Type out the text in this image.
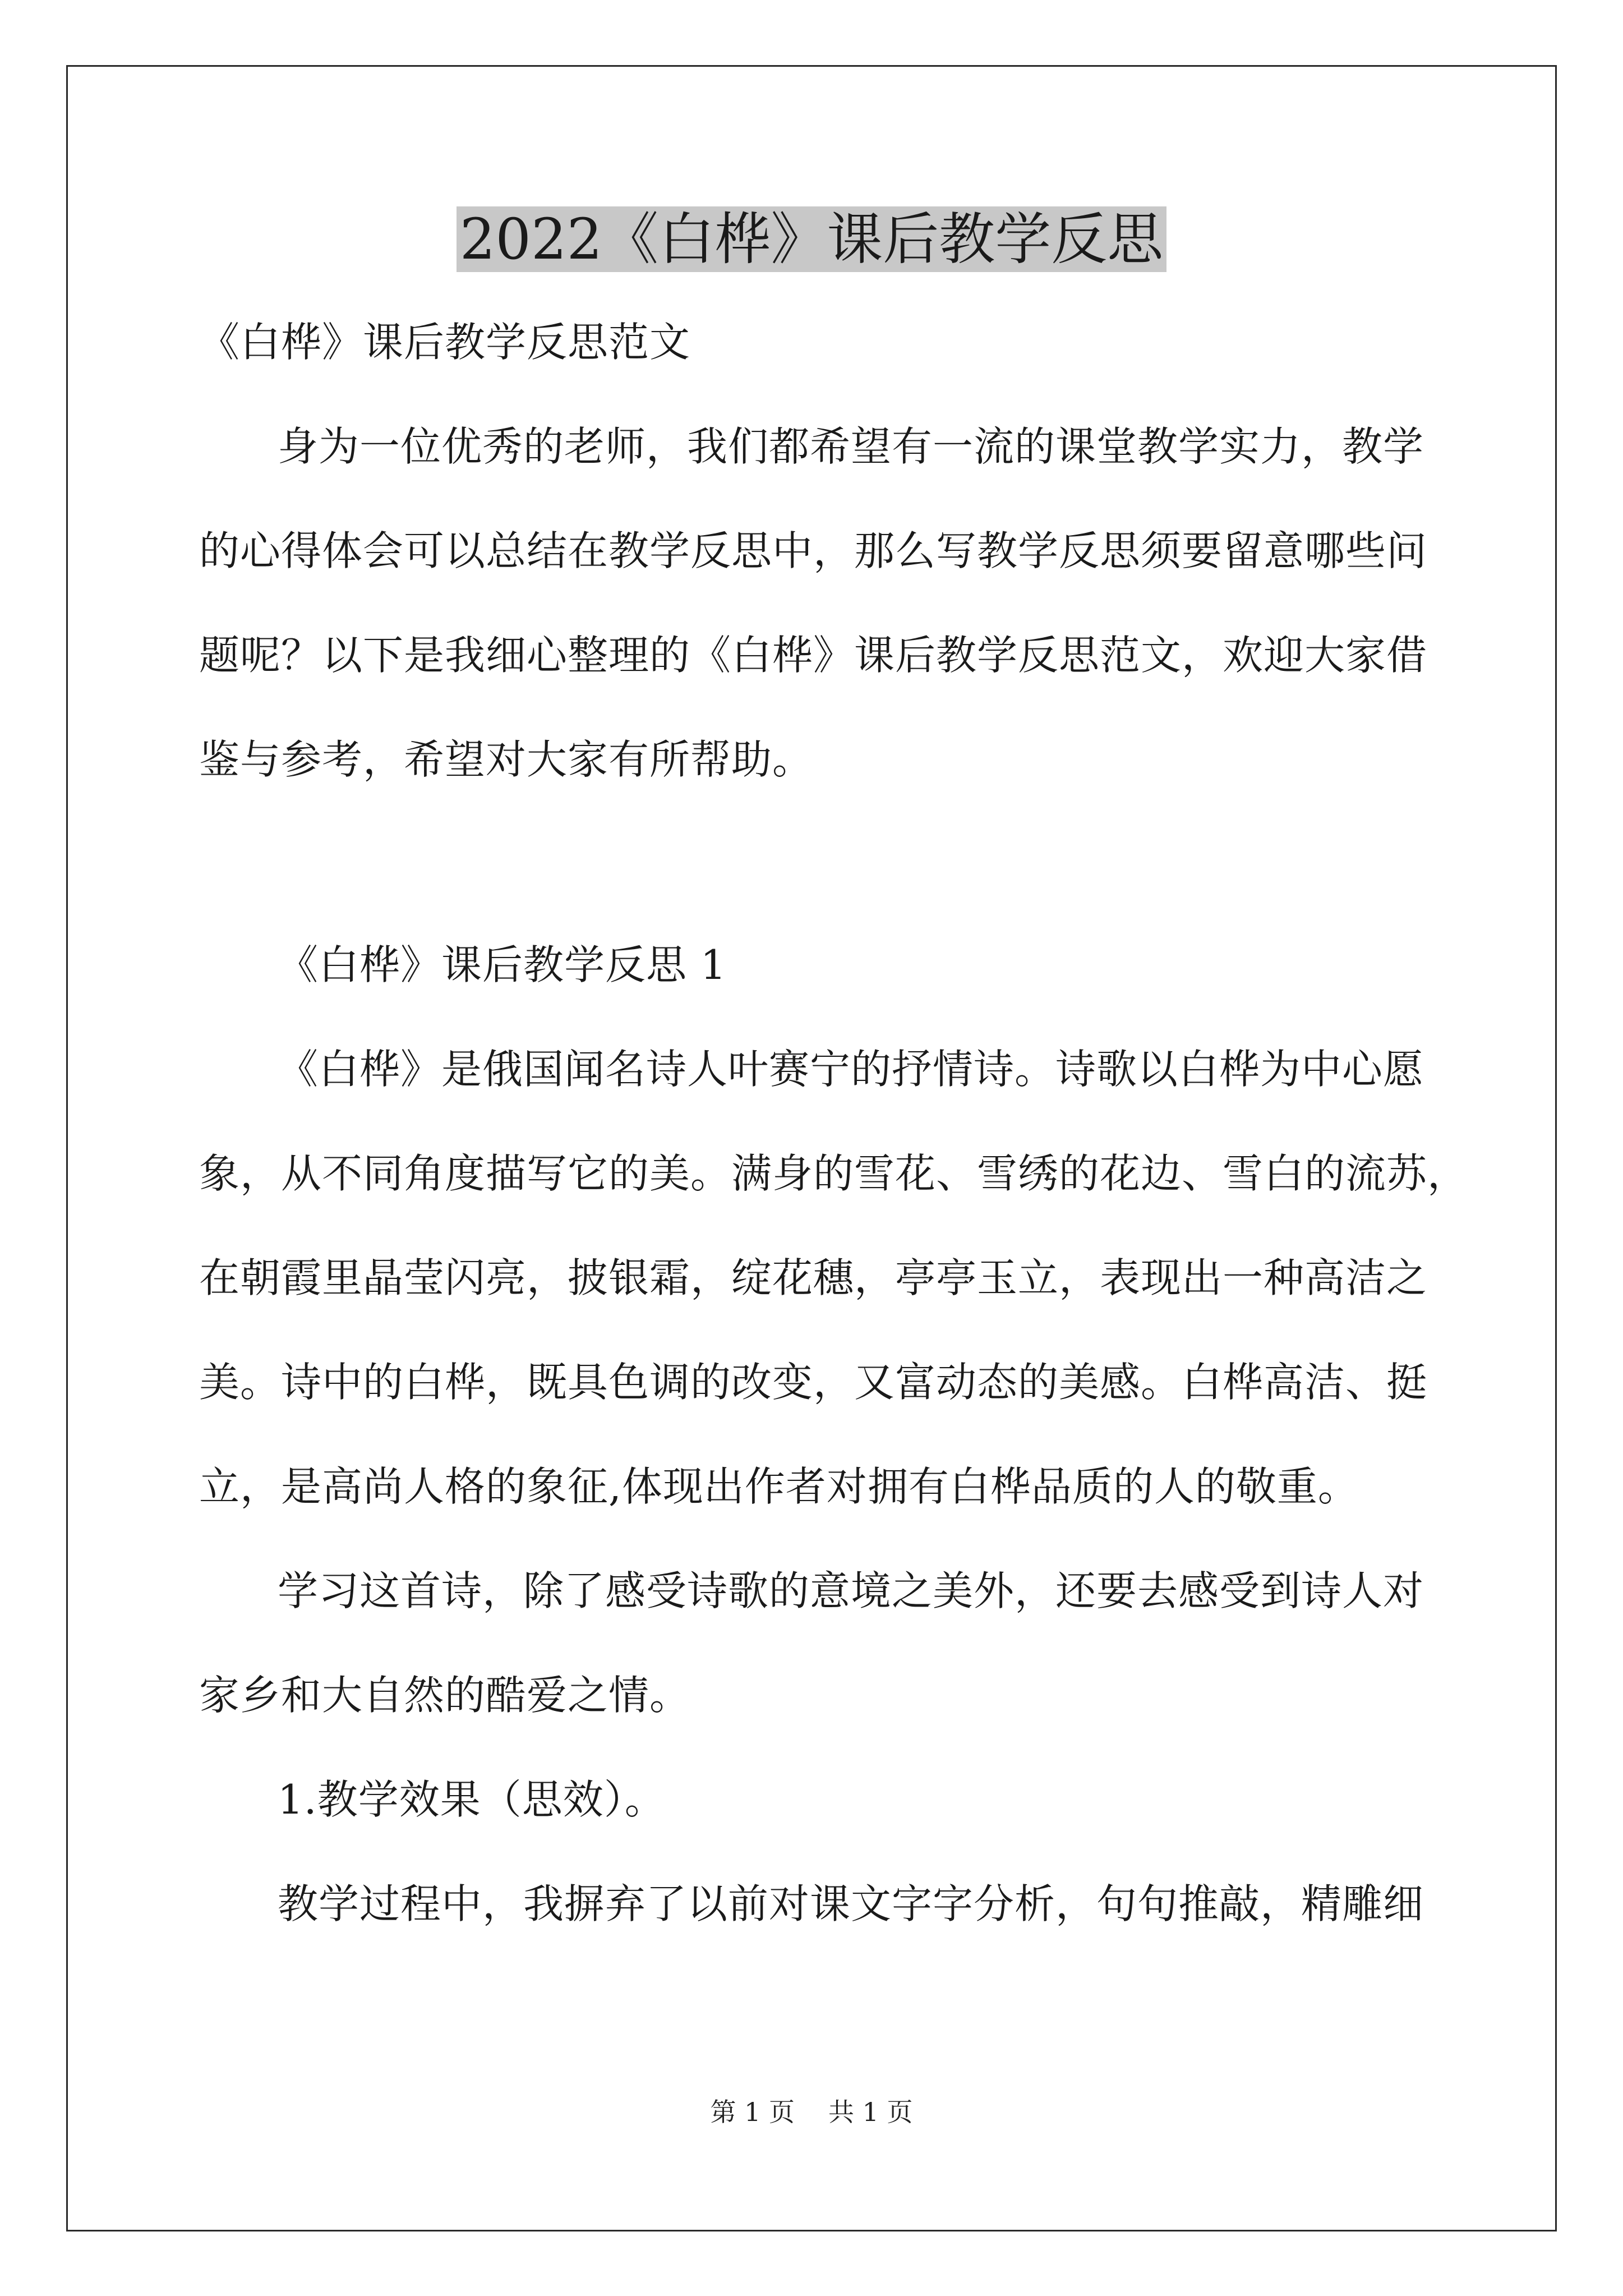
2022《白桦》课后教学反思
《白桦》课后教学反思范文
身为一位优秀的老师，我们都希望有一流的课堂教学实力，教学
的心得体会可以总结在教学反思中，那么写教学反思须要留意哪些问
题呢？以下是我细心整理的《白桦》课后教学反思范文，欢迎大家借
鉴与参考，希望对大家有所帮助。
《白桦》课后教学反思 1
《白桦》是俄国闻名诗人叶赛宁的抒情诗。诗歌以白桦为中心愿
象，从不同角度描写它的美。满身的雪花、雪绣的花边、雪白的流苏，
在朝霞里晶莹闪亮，披银霜，绽花穗，亭亭玉立，表现出一种高洁之
美。诗中的白桦，既具色调的改变，又富动态的美感。白桦高洁、挺
立，是高尚人格的象征,体现出作者对拥有白桦品质的人的敬重。
学习这首诗，除了感受诗歌的意境之美外，还要去感受到诗人对
家乡和大自然的酷爱之情。
1.教学效果（思效）。
教学过程中，我摒弃了以前对课文字字分析，句句推敲，精雕细
第 1 页 共 1 页
